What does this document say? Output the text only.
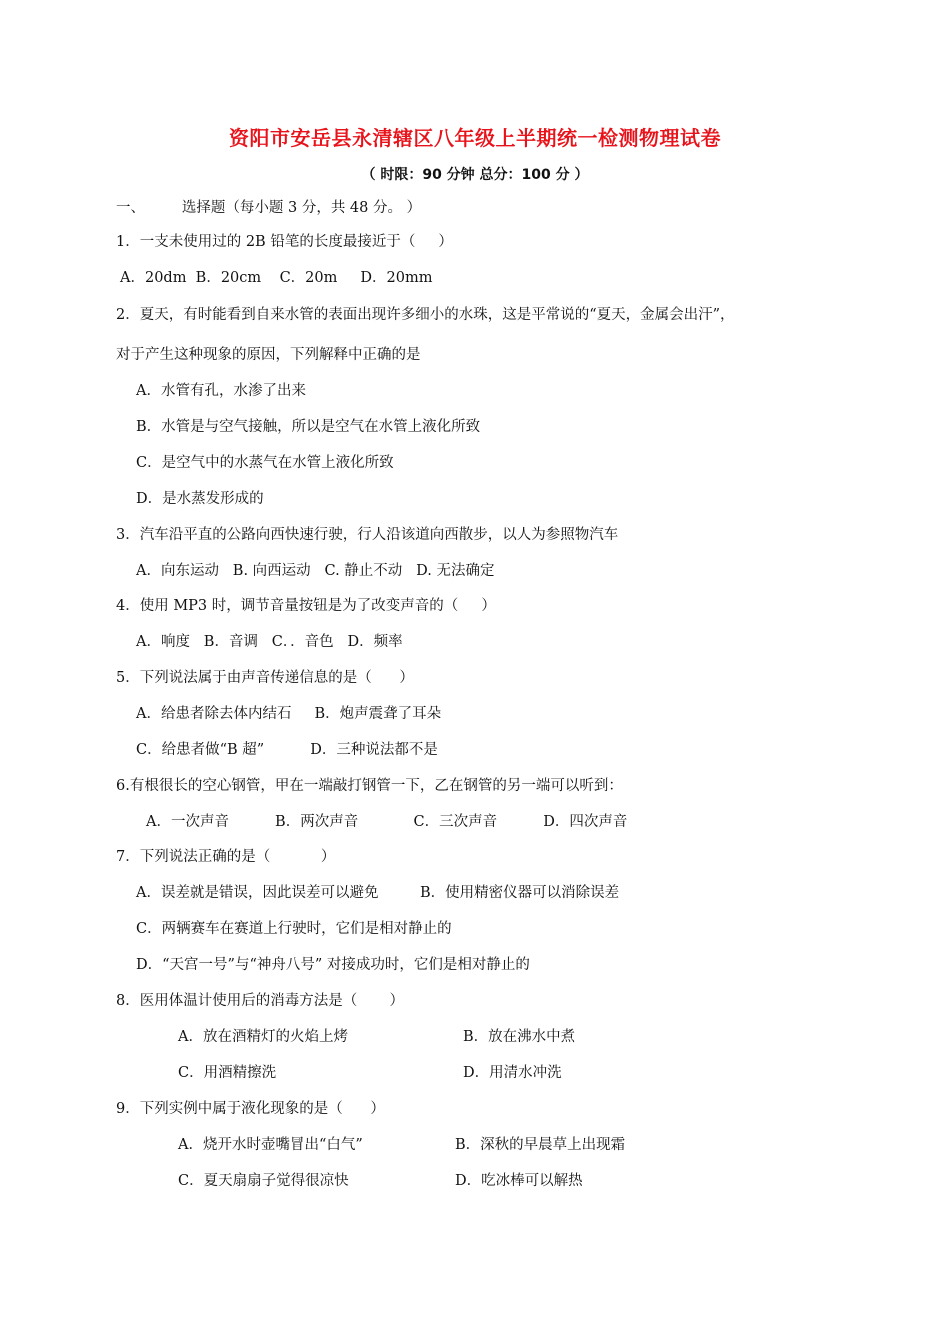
资阳市安岳县永清辖区八年级上半期统一检测物理试卷
（ 时限：90 分钟 总分：100 分 ）
一、        选择题（每小题 3 分，共 48 分。 ）
1．一支未使用过的 2B 铅笔的长度最接近于（     ）
A．20dm  B．20cm    C．20m     D．20mm
2．夏天，有时能看到自来水管的表面出现许多细小的水珠，这是平常说的“夏天，金属会出汗”，
对于产生这种现象的原因，下列解释中正确的是
A．水管有孔，水渗了出来
B．水管是与空气接触，所以是空气在水管上液化所致
C．是空气中的水蒸气在水管上液化所致
D．是水蒸发形成的
3．汽车沿平直的公路向西快速行驶，行人沿该道向西散步，以人为参照物汽车
A．向东运动   B. 向西运动   C. 静止不动   D. 无法确定
4．使用 MP3 时，调节音量按钮是为了改变声音的（     ）
A．响度   B．音调   C．．音色   D．频率
5．下列说法属于由声音传递信息的是（      ）
A．给患者除去体内结石     B．炮声震聋了耳朵
C．给患者做“B 超”          D．三种说法都不是
6.有根很长的空心钢管，甲在一端敲打钢管一下，乙在钢管的另一端可以听到：
A．一次声音          B．两次声音            C．三次声音          D．四次声音
7．下列说法正确的是（           ）
A．误差就是错误，因此误差可以避免         B．使用精密仪器可以消除误差
C．两辆赛车在赛道上行驶时，它们是相对静止的
D．“天宫一号”与“神舟八号” 对接成功时，它们是相对静止的
8．医用体温计使用后的消毒方法是（       ）
A．放在酒精灯的火焰上烤	B．放在沸水中煮
C．用酒精擦洗	D．用清水冲洗
9．下列实例中属于液化现象的是（      ）
A．烧开水时壶嘴冒出“白气”	B．深秋的早晨草上出现霜
C．夏天扇扇子觉得很凉快	D．吃冰棒可以解热
